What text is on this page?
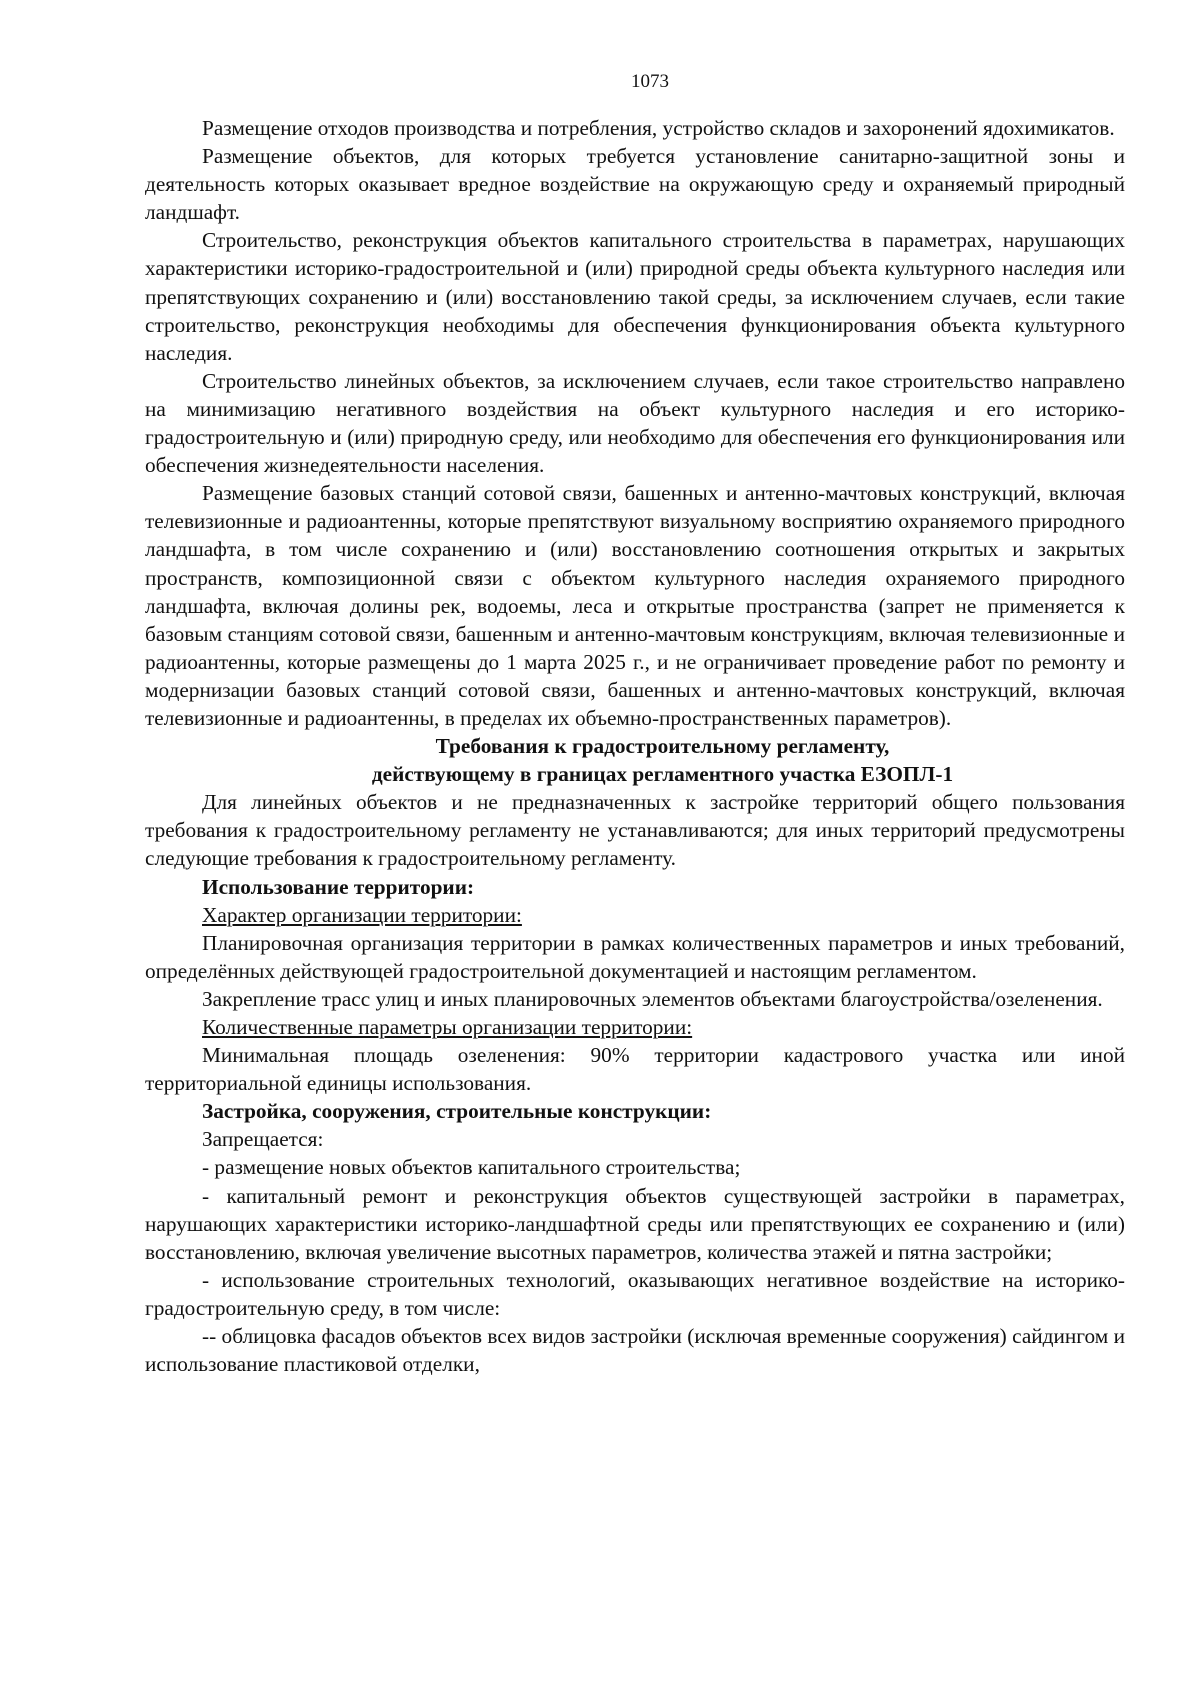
1073

Размещение отходов производства и потребления, устройство складов и захоронений ядохимикатов.

Размещение объектов, для которых требуется установление санитарно-защитной зоны и деятельность которых оказывает вредное воздействие на окружающую среду и охраняемый природный ландшафт.

Строительство, реконструкция объектов капитального строительства в параметрах, нарушающих характеристики историко-градостроительной и (или) природной среды объекта культурного наследия или препятствующих сохранению и (или) восстановлению такой среды, за исключением случаев, если такие строительство, реконструкция необходимы для обеспечения функционирования объекта культурного наследия.

Строительство линейных объектов, за исключением случаев, если такое строительство направлено на минимизацию негативного воздействия на объект культурного наследия и его историко-градостроительную и (или) природную среду, или необходимо для обеспечения его функционирования или обеспечения жизнедеятельности населения.

Размещение базовых станций сотовой связи, башенных и антенно-мачтовых конструкций, включая телевизионные и радиоантенны, которые препятствуют визуальному восприятию охраняемого природного ландшафта, в том числе сохранению и (или) восстановлению соотношения открытых и закрытых пространств, композиционной связи с объектом культурного наследия охраняемого природного ландшафта, включая долины рек, водоемы, леса и открытые пространства (запрет не применяется к базовым станциям сотовой связи, башенным и антенно-мачтовым конструкциям, включая телевизионные и радиоантенны, которые размещены до 1 марта 2025 г., и не ограничивает проведение работ по ремонту и модернизации базовых станций сотовой связи, башенных и антенно-мачтовых конструкций, включая телевизионные и радиоантенны, в пределах их объемно-пространственных параметров).

Требования к градостроительному регламенту,
действующему в границах регламентного участка ЕЗОПЛ-1

Для линейных объектов и не предназначенных к застройке территорий общего пользования требования к градостроительному регламенту не устанавливаются; для иных территорий предусмотрены следующие требования к градостроительному регламенту.

Использование территории:

Характер организации территории:

Планировочная организация территории в рамках количественных параметров и иных требований, определённых действующей градостроительной документацией и настоящим регламентом.

Закрепление трасс улиц и иных планировочных элементов объектами благоустройства/озеленения.

Количественные параметры организации территории:

Минимальная площадь озеленения: 90% территории кадастрового участка или иной территориальной единицы использования.

Застройка, сооружения, строительные конструкции:

Запрещается:

- размещение новых объектов капитального строительства;

- капитальный ремонт и реконструкция объектов существующей застройки в параметрах, нарушающих характеристики историко-ландшафтной среды или препятствующих ее сохранению и (или) восстановлению, включая увеличение высотных параметров, количества этажей и пятна застройки;

- использование строительных технологий, оказывающих негативное воздействие на историко-градостроительную среду, в том числе:

-- облицовка фасадов объектов всех видов застройки (исключая временные сооружения) сайдингом и использование пластиковой отделки,
